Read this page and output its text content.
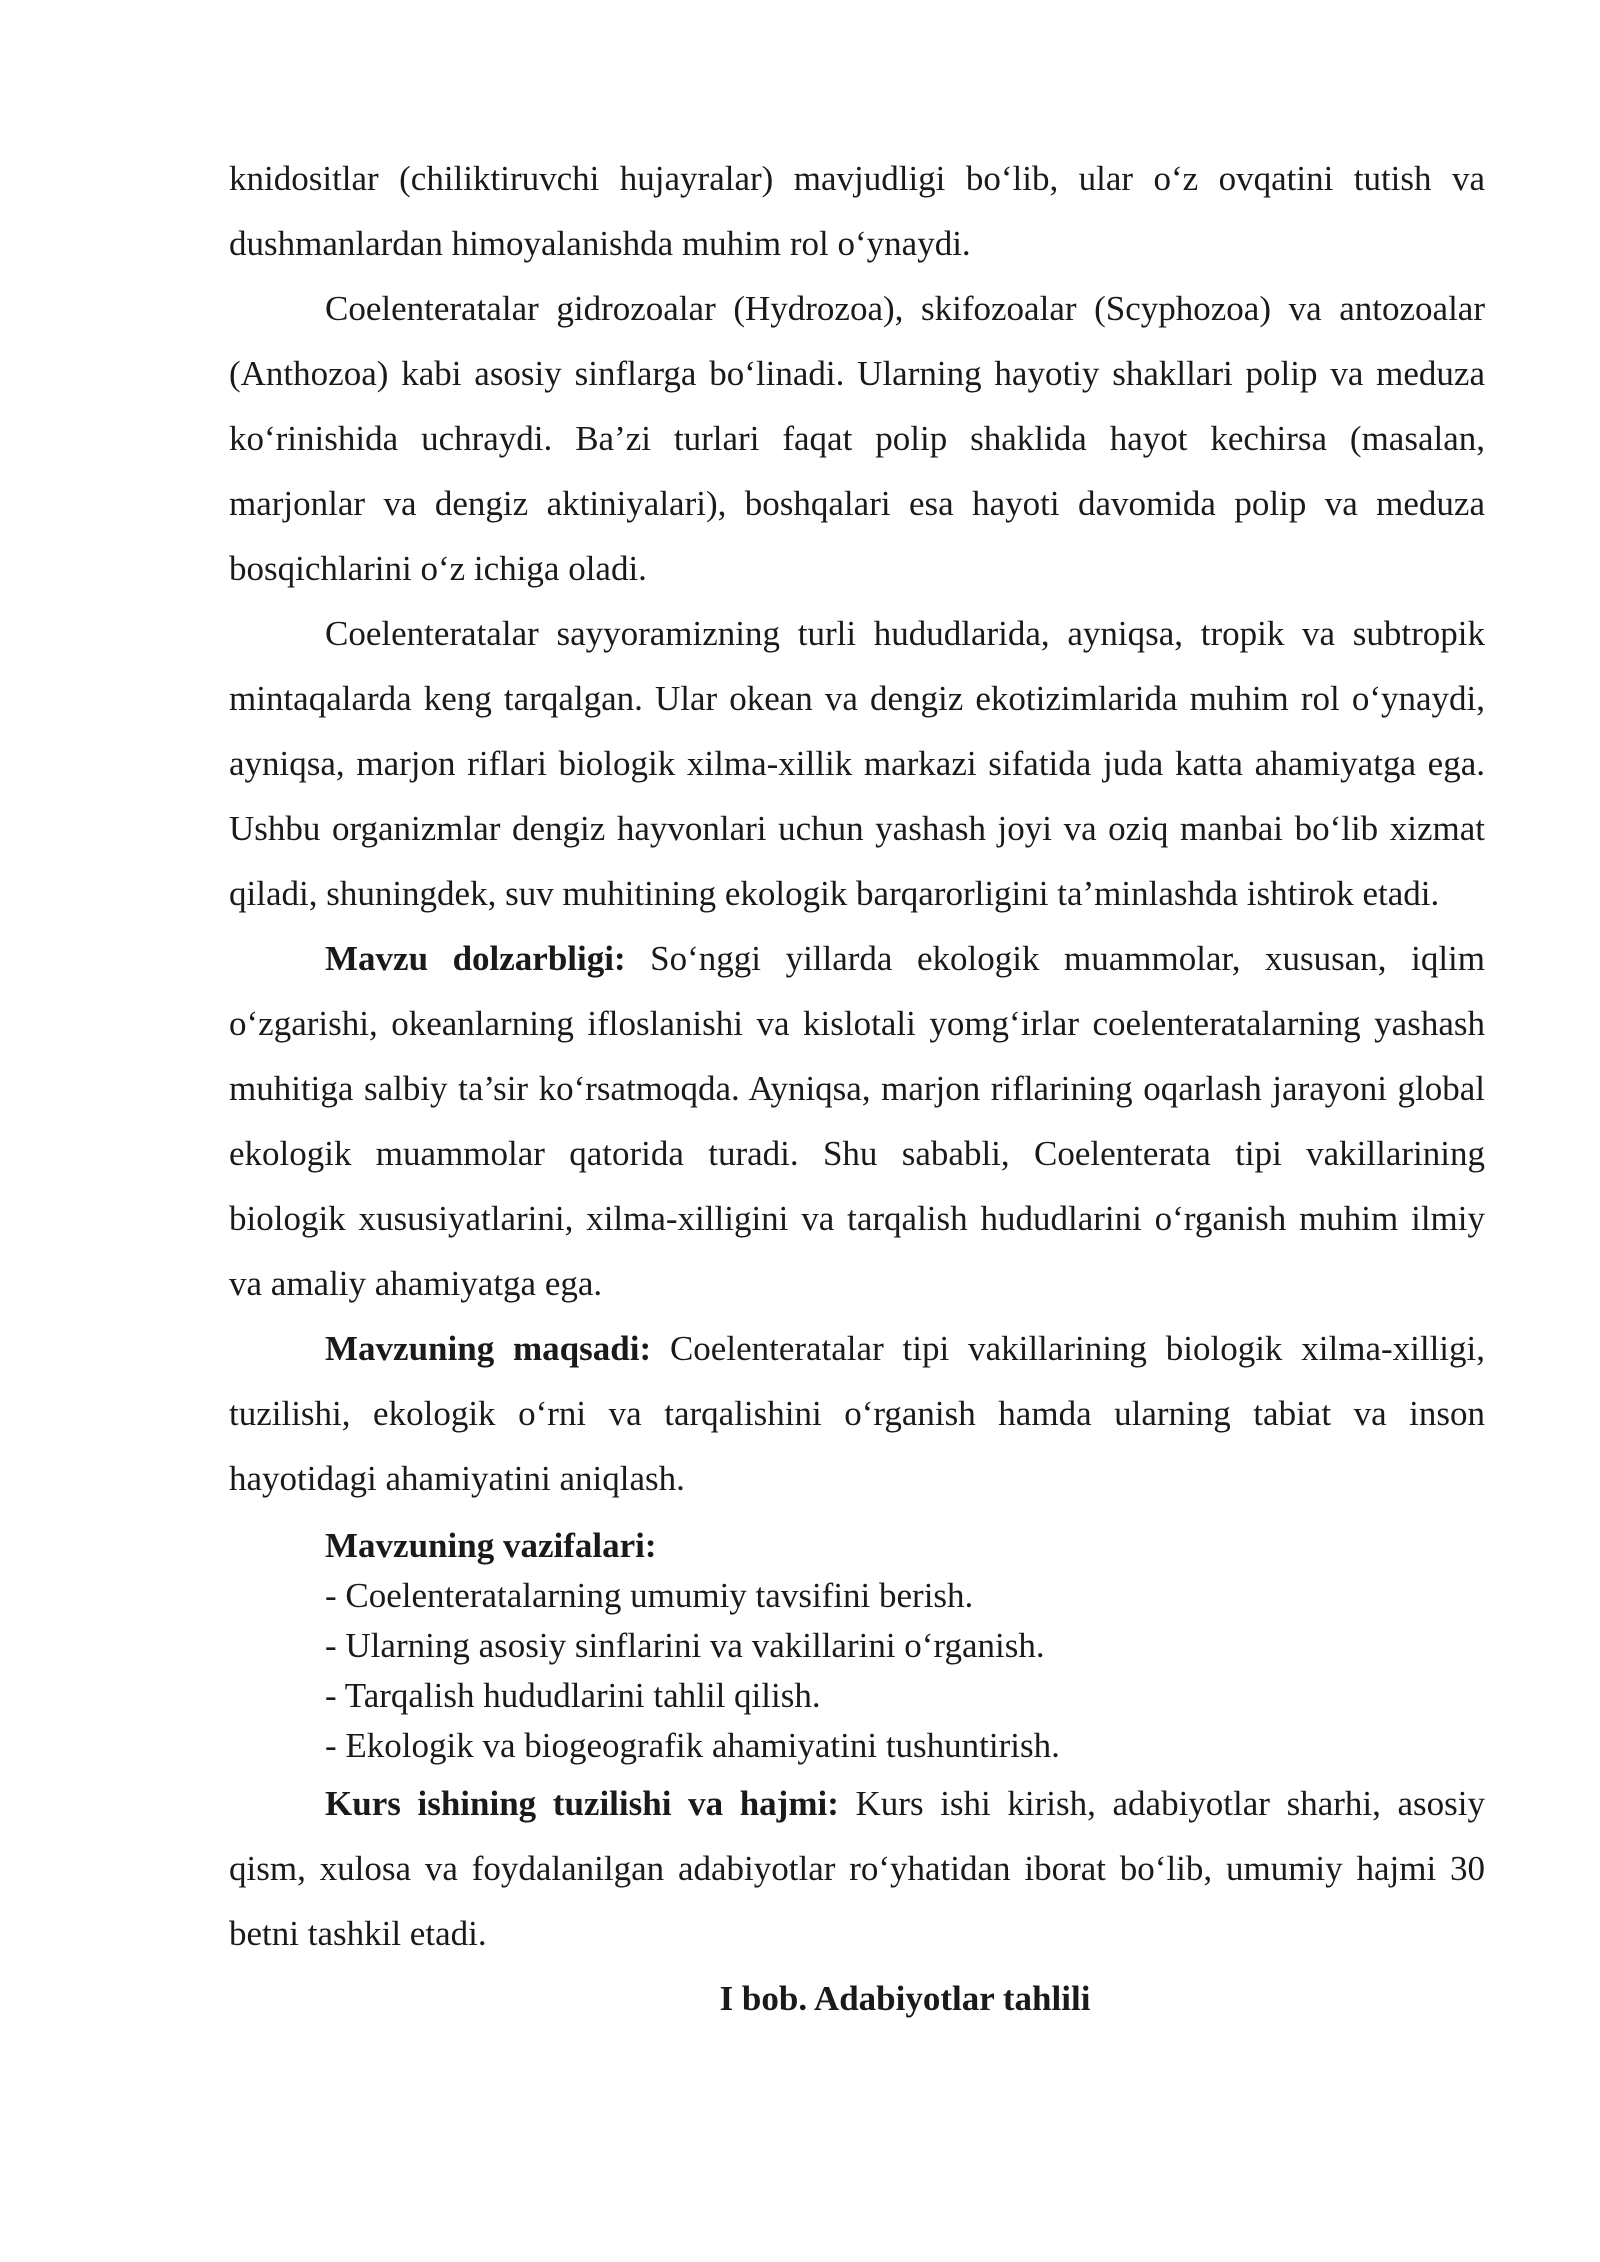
knidositlar (chiliktiruvchi hujayralar) mavjudligi bo‘lib, ular o‘z ovqatini tutish va dushmanlardan himoyalanishda muhim rol o‘ynaydi.

Coelenteratalar gidrozoalar (Hydrozoa), skifozoalar (Scyphozoa) va antozoalar (Anthozoa) kabi asosiy sinflarga bo‘linadi. Ularning hayotiy shakllari polip va meduza ko‘rinishida uchraydi. Ba’zi turlari faqat polip shaklida hayot kechirsa (masalan, marjonlar va dengiz aktiniyalari), boshqalari esa hayoti davomida polip va meduza bosqichlarini o‘z ichiga oladi.

Coelenteratalar sayyoramizning turli hududlarida, ayniqsa, tropik va subtropik mintaqalarda keng tarqalgan. Ular okean va dengiz ekotizimlarida muhim rol o‘ynaydi, ayniqsa, marjon riflari biologik xilma-xillik markazi sifatida juda katta ahamiyatga ega. Ushbu organizmlar dengiz hayvonlari uchun yashash joyi va oziq manbai bo‘lib xizmat qiladi, shuningdek, suv muhitining ekologik barqarorligini ta’minlashda ishtirok etadi.

Mavzu dolzarbligi: So‘nggi yillarda ekologik muammolar, xususan, iqlim o‘zgarishi, okeanlarning ifloslanishi va kislotali yomg‘irlar coelenteratalarning yashash muhitiga salbiy ta’sir ko‘rsatmoqda. Ayniqsa, marjon riflarining oqarlash jarayoni global ekologik muammolar qatorida turadi. Shu sababli, Coelenterata tipi vakillarining biologik xususiyatlarini, xilma-xilligini va tarqalish hududlarini o‘rganish muhim ilmiy va amaliy ahamiyatga ega.

Mavzuning maqsadi: Coelenteratalar tipi vakillarining biologik xilma-xilligi, tuzilishi, ekologik o‘rni va tarqalishini o‘rganish hamda ularning tabiat va inson hayotidagi ahamiyatini aniqlash.

Mavzuning vazifalari:
- Coelenteratalarning umumiy tavsifini berish.
- Ularning asosiy sinflarini va vakillarini o‘rganish.
- Tarqalish hududlarini tahlil qilish.
- Ekologik va biogeografik ahamiyatini tushuntirish.

Kurs ishining tuzilishi va hajmi: Kurs ishi kirish, adabiyotlar sharhi, asosiy qism, xulosa va foydalanilgan adabiyotlar ro‘yhatidan iborat bo‘lib, umumiy hajmi 30 betni tashkil etadi.

I bob. Adabiyotlar tahlili
